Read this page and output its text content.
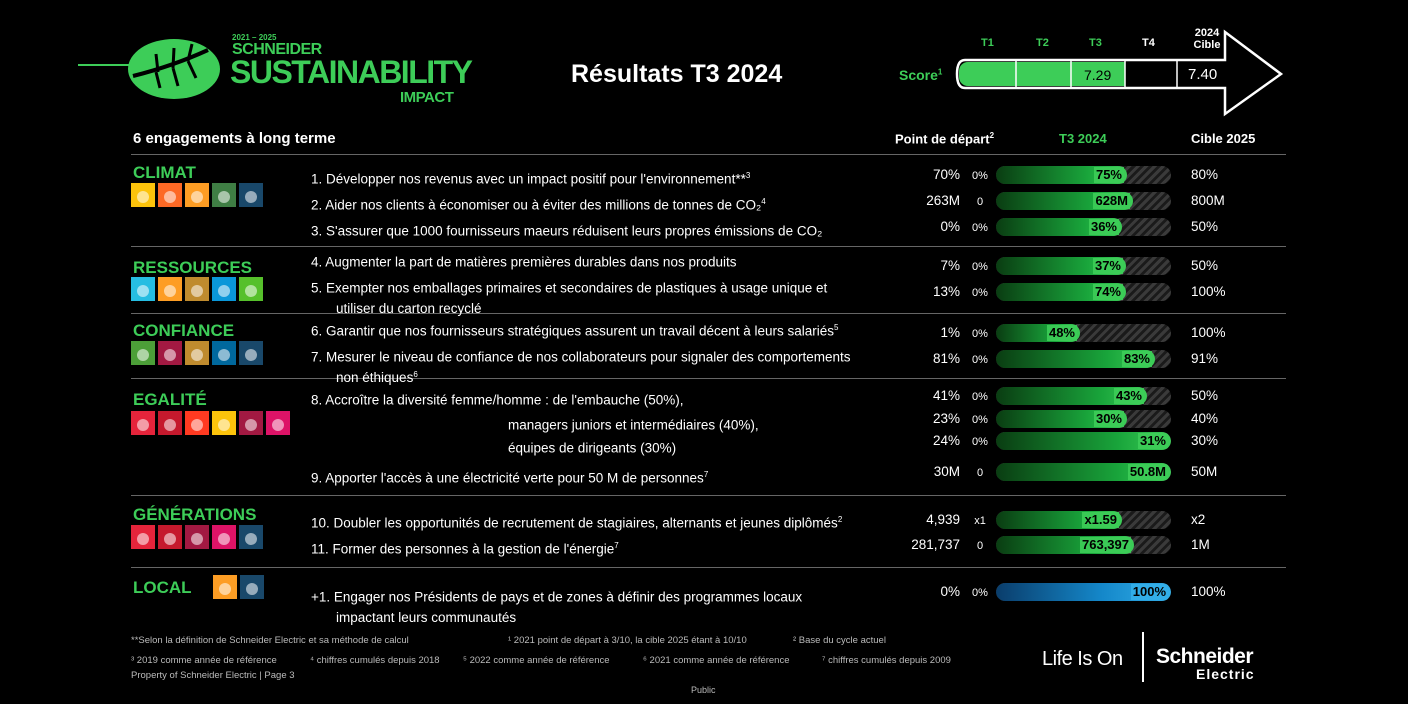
2021 – 2025
SCHNEIDER
SUSTAINABILITY
IMPACT
Résultats T3 2024	Score$^1$
T1	T2	T3	T4
2024
Cible
7.29	7.40
6 engagements à long terme	Point de départ$^2$	T3 2024	Cible 2025
CLIMAT
RESSOURCES
CONFIANCE
EGALITÉ
GÉNÉRATIONS
LOCAL
1. Développer nos revenus avec un impact positif pour l'environnement**$^3$	70%	0%	75%	80%
2. Aider nos clients à économiser ou à éviter des millions de tonnes de CO₂$^4$	263M	0	628M	800M
3. S'assurer que 1000 fournisseurs maeurs réduisent leurs propres émissions de CO₂	0%	0%	36%	50%
4. Augmenter la part de matières premières durables dans nos produits	7%	0%	37%	50%
5. Exempter nos emballages primaires et secondaires de plastiques à usage unique et
utiliser du carton recyclé
13%	0%	74%	100%
6. Garantir que nos fournisseurs stratégiques assurent un travail décent à leurs salariés$^5$	1%	0%	48%	100%
7. Mesurer le niveau de confiance de nos collaborateurs pour signaler des comportements
non éthiques$^6$
81%	0%	83%	91%
8. Accroître la diversité femme/homme : de l'embauche (50%),	41%	0%	43%	50%
managers juniors et intermédiaires (40%),	23%	0%	30%	40%
équipes de dirigeants (30%)	24%	0%	31% 30%
9. Apporter l'accès à une électricité verte pour 50 M de personnes$^7$	30M	0	50.8M 50M
10. Doubler les opportunités de recrutement de stagiaires, alternants et jeunes diplômés$^2$	4,939	x1	x1.59	x2
11. Former des personnes à la gestion de l'énergie$^7$	281,737	0	763,397	1M
+1. Engager nos Présidents de pays et de zones à définir des programmes locaux
impactant leurs communautés
0%	0%	100% 100%
**Selon la définition de Schneider Electric et sa méthode de calcul	¹ 2021 point de départ à 3/10, la cible 2025 étant à 10/10	² Base du cycle actuel
³ 2019 comme année de référence	⁴ chiffres cumulés depuis 2018 ⁵ 2022 comme année de référence	⁶ 2021 comme année de référence	⁷ chiffres cumulés depuis 2009
Property of Schneider Electric | Page 3
Public
Life Is On Schneider
Electric
